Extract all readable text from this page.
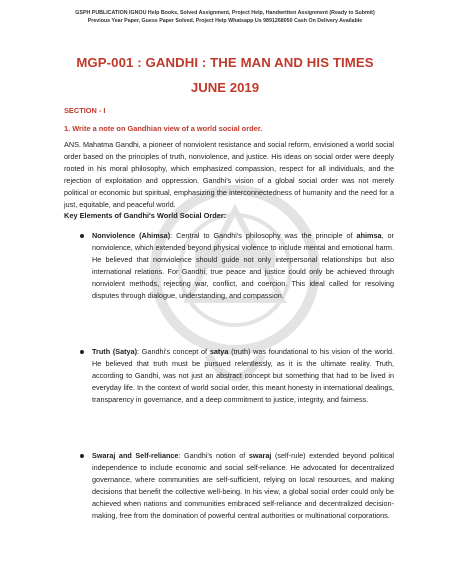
GSPH PUBLICATION IGNOU Help Books, Solved Assignment, Project Help, Handwritten Assignment (Ready to Submit)
Previous Year Paper, Guess Paper Solved, Project Help Whatsapp Us 9891268050 Cash On Delivery Available
MGP-001 : GANDHI : THE MAN AND HIS TIMES
JUNE 2019
SECTION - I
1. Write a note on Gandhian view of a world social order.
ANS. Mahatma Gandhi, a pioneer of nonviolent resistance and social reform, envisioned a world social order based on the principles of truth, nonviolence, and justice. His ideas on social order were deeply rooted in his moral philosophy, which emphasized compassion, respect for all individuals, and the rejection of exploitation and oppression. Gandhi's vision of a global social order was not merely political or economic but spiritual, emphasizing the interconnectedness of humanity and the need for a just, equitable, and peaceful world.
Key Elements of Gandhi's World Social Order:
Nonviolence (Ahimsa): Central to Gandhi's philosophy was the principle of ahimsa, or nonviolence, which extended beyond physical violence to include mental and emotional harm. He believed that nonviolence should guide not only interpersonal relationships but also international relations. For Gandhi, true peace and justice could only be achieved through nonviolent methods, rejecting war, conflict, and coercion. This ideal called for resolving disputes through dialogue, understanding, and compassion.
Truth (Satya): Gandhi's concept of satya (truth) was foundational to his vision of the world. He believed that truth must be pursued relentlessly, as it is the ultimate reality. Truth, according to Gandhi, was not just an abstract concept but something that had to be lived in everyday life. In the context of world social order, this meant honesty in international dealings, transparency in governance, and a deep commitment to justice, integrity, and fairness.
Swaraj and Self-reliance: Gandhi's notion of swaraj (self-rule) extended beyond political independence to include economic and social self-reliance. He advocated for decentralized governance, where communities are self-sufficient, relying on local resources, and making decisions that benefit the collective well-being. In his view, a global social order could only be achieved when nations and communities embraced self-reliance and decentralized decision-making, free from the domination of powerful central authorities or multinational corporations.
